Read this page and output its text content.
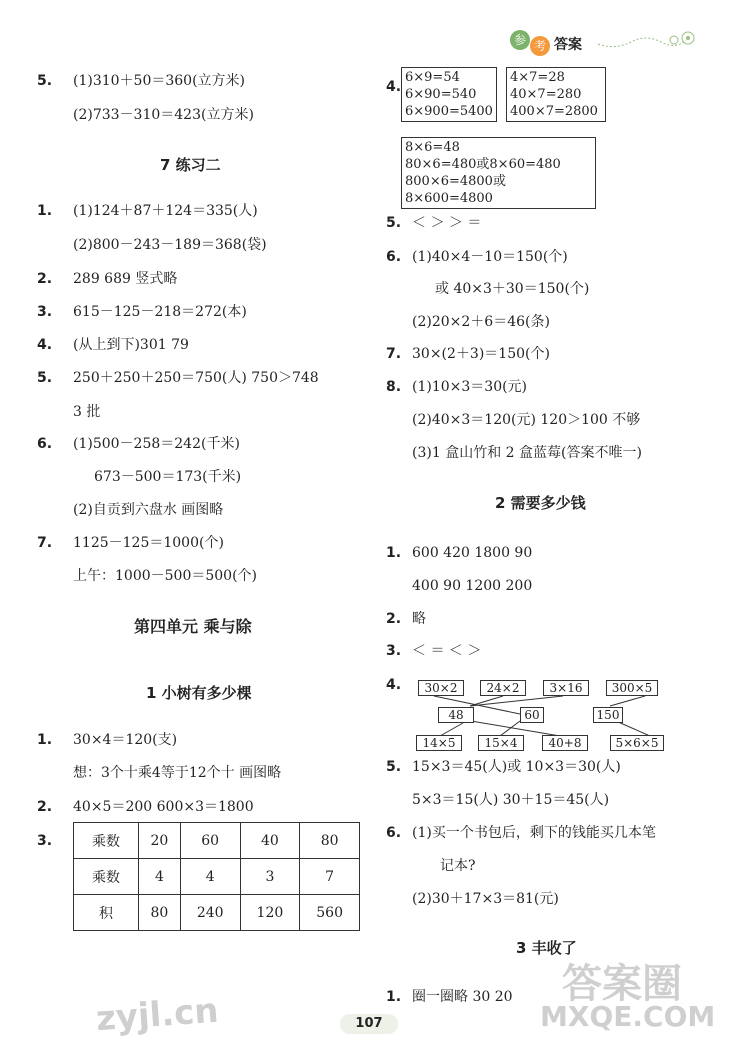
参 考 答案
5. (1)310＋50＝360(立方米)
(2)733－310＝423(立方米)
7 练习二
1. (1)124＋87＋124＝335(人)
(2)800－243－189＝368(袋)
2. 289 689 竖式略
3. 615－125－218＝272(本)
4. (从上到下)301 79
5. 250＋250＋250＝750(人) 750＞748
3 批
6. (1)500－258＝242(千米)
673－500＝173(千米)
(2)自贡到六盘水 画图略
7. 1125－125＝1000(个)
上午：1000－500＝500(个)
第四单元 乘与除
1 小树有多少棵
1. 30×4＝120(支)
想：3个十乘4等于12个十 画图略
2. 40×5＝200 600×3＝1800
3.	乘数	20	60	40	80
乘数	4	4	3	7
积	80	240	120	560
4.
6×9=54
6×90=540
6×900=5400
4×7=28
40×7=280
400×7=2800
8×6=48
80×6=480或8×60=480
800×6=4800或8×600=4800
5. ＜ ＞ ＞ ＝
6. (1)40×4－10＝150(个)
或 40×3＋30＝150(个)
(2)20×2＋6＝46(条)
7. 30×(2＋3)＝150(个)
8. (1)10×3＝30(元)
(2)40×3＝120(元) 120＞100 不够
(3)1 盒山竹和 2 盒蓝莓(答案不唯一)
2 需要多少钱
1. 600 420 1800 90
400 90 1200 200
2. 略
3. ＜ ＝ ＜ ＞
4.	30×2	24×2	3×16	300×5
48	60	150
14×5	15×4	40+8	5×6×5
5. 15×3＝45(人)或 10×3＝30(人)
5×3＝15(人) 30＋15＝45(人)
6. (1)买一个书包后，剩下的钱能买几本笔
记本?
(2)30＋17×3＝81(元)
3 丰收了
1. 圈一圈略 30 20
107
zyjl.cn
答案圈
MXQE.COM
